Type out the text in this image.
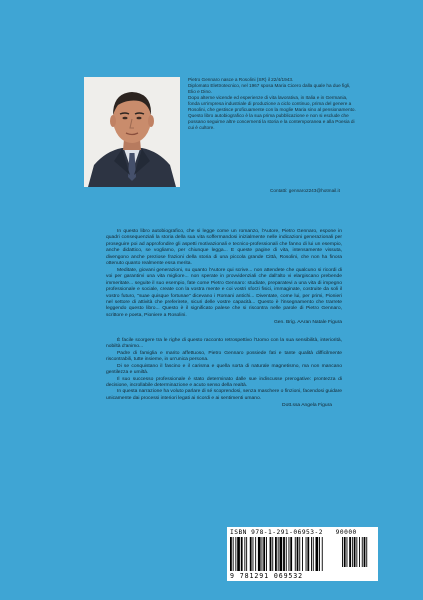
Pietro Gennaro nasce a Rosolini (SR) il 22/4/1943.

Diplomato Elettrotecnico, nel 1967 sposa Maria Cicero dalla quale ha due figli, Elio e Dino.

Dopo alterne vicende ed esperienze di vita lavorativa, in Italia e in Germania, fonda un'impresa industriale di produzione a ciclo continuo, prima del genere a Rosolini, che gestisce proficuamente con la moglie Maria sino al pensionamento.

Questo libro autobiografico è la sua prima pubblicazione e non si esclude che possano seguirne altre concernenti la storia e la contemporanea e alla Poesia di cui è cultore.

Contatti: gennaro2243@hotmail.it

In questo libro autobiografico, che si legge come un romanzo, l'Autore, Pietro Gennaro, espone in quadri consequenziali la storia della sua vita soffermandosi inizialmente nelle indicazioni generazionali per proseguire poi ad approfondire gli aspetti motivazionali e tecnico-professionali che fanno di lui un esempio, anche didattico, se vogliamo, per chiunque legga... E queste pagine di vita, intensamente vissuta, divengono anche preziose frazioni della storia di una piccola grande Città, Rosolini, che non ha finora ottenuto quanto realmente essa merita.

Meditate, giovani generazioni, su quanto l'Autore qui scrive... non attendete che qualcuno si ricordi di voi per garantirvi una vita migliore... non sperate in provvidenziali che dall'alto vi elargiscano prebende immeritate... seguite il suo esempio, fate come Pietro Gennaro: studiate, preparatevi a una vita di impegno professionale e sociale, create con la vostra mente e coi vostri sforzi fisici, immaginate, costruite da soli il vostro futuro, "suae quisque fortunae" dicevano i Romani antichi... Diventate, come lui, per primi, Pionieri nel settore di attività che preferirete, sicuri delle vostre capacità... Questo è l'insegnamento che trarrete leggendo questo libro... Questo è il significato palese che si riscontra nelle parole di Pietro Gennaro, scrittore e poeta, Pioniere a Rosolini.

Gen. Brig. AAran Natale Figura

È facile scorgere tra le righe di questo racconto retrospettivo l'Uomo con la sua sensibilità, interiorità, nobiltà d'animo...

Padre di famiglia e marito affettuoso, Pietro Gennaro possiede fati e tante qualità difficilmente riscontrabili, tutte insieme, in un'unica persona.

Di se conquistano il fascino e il carisma e quella sorta di naturale magnetismo, ma non mancano gentilezza e umiltà.

Il suo successo professionale è stato determinato dalle sue indiscusse prerogative: prontezza di decisione, incrollabile determinazione e acuto senso della realtà.

In questa narrazione ha voluto parlare di sé scoprendosi, senza maschere o finzioni, facendosi guidare unicamente dai processi interiori legati ai ricordi e ai sentimenti umano.

Dott.ssa Angela Figura

ISBN 978-1-291-06953-2 90000
9 781291 069532
